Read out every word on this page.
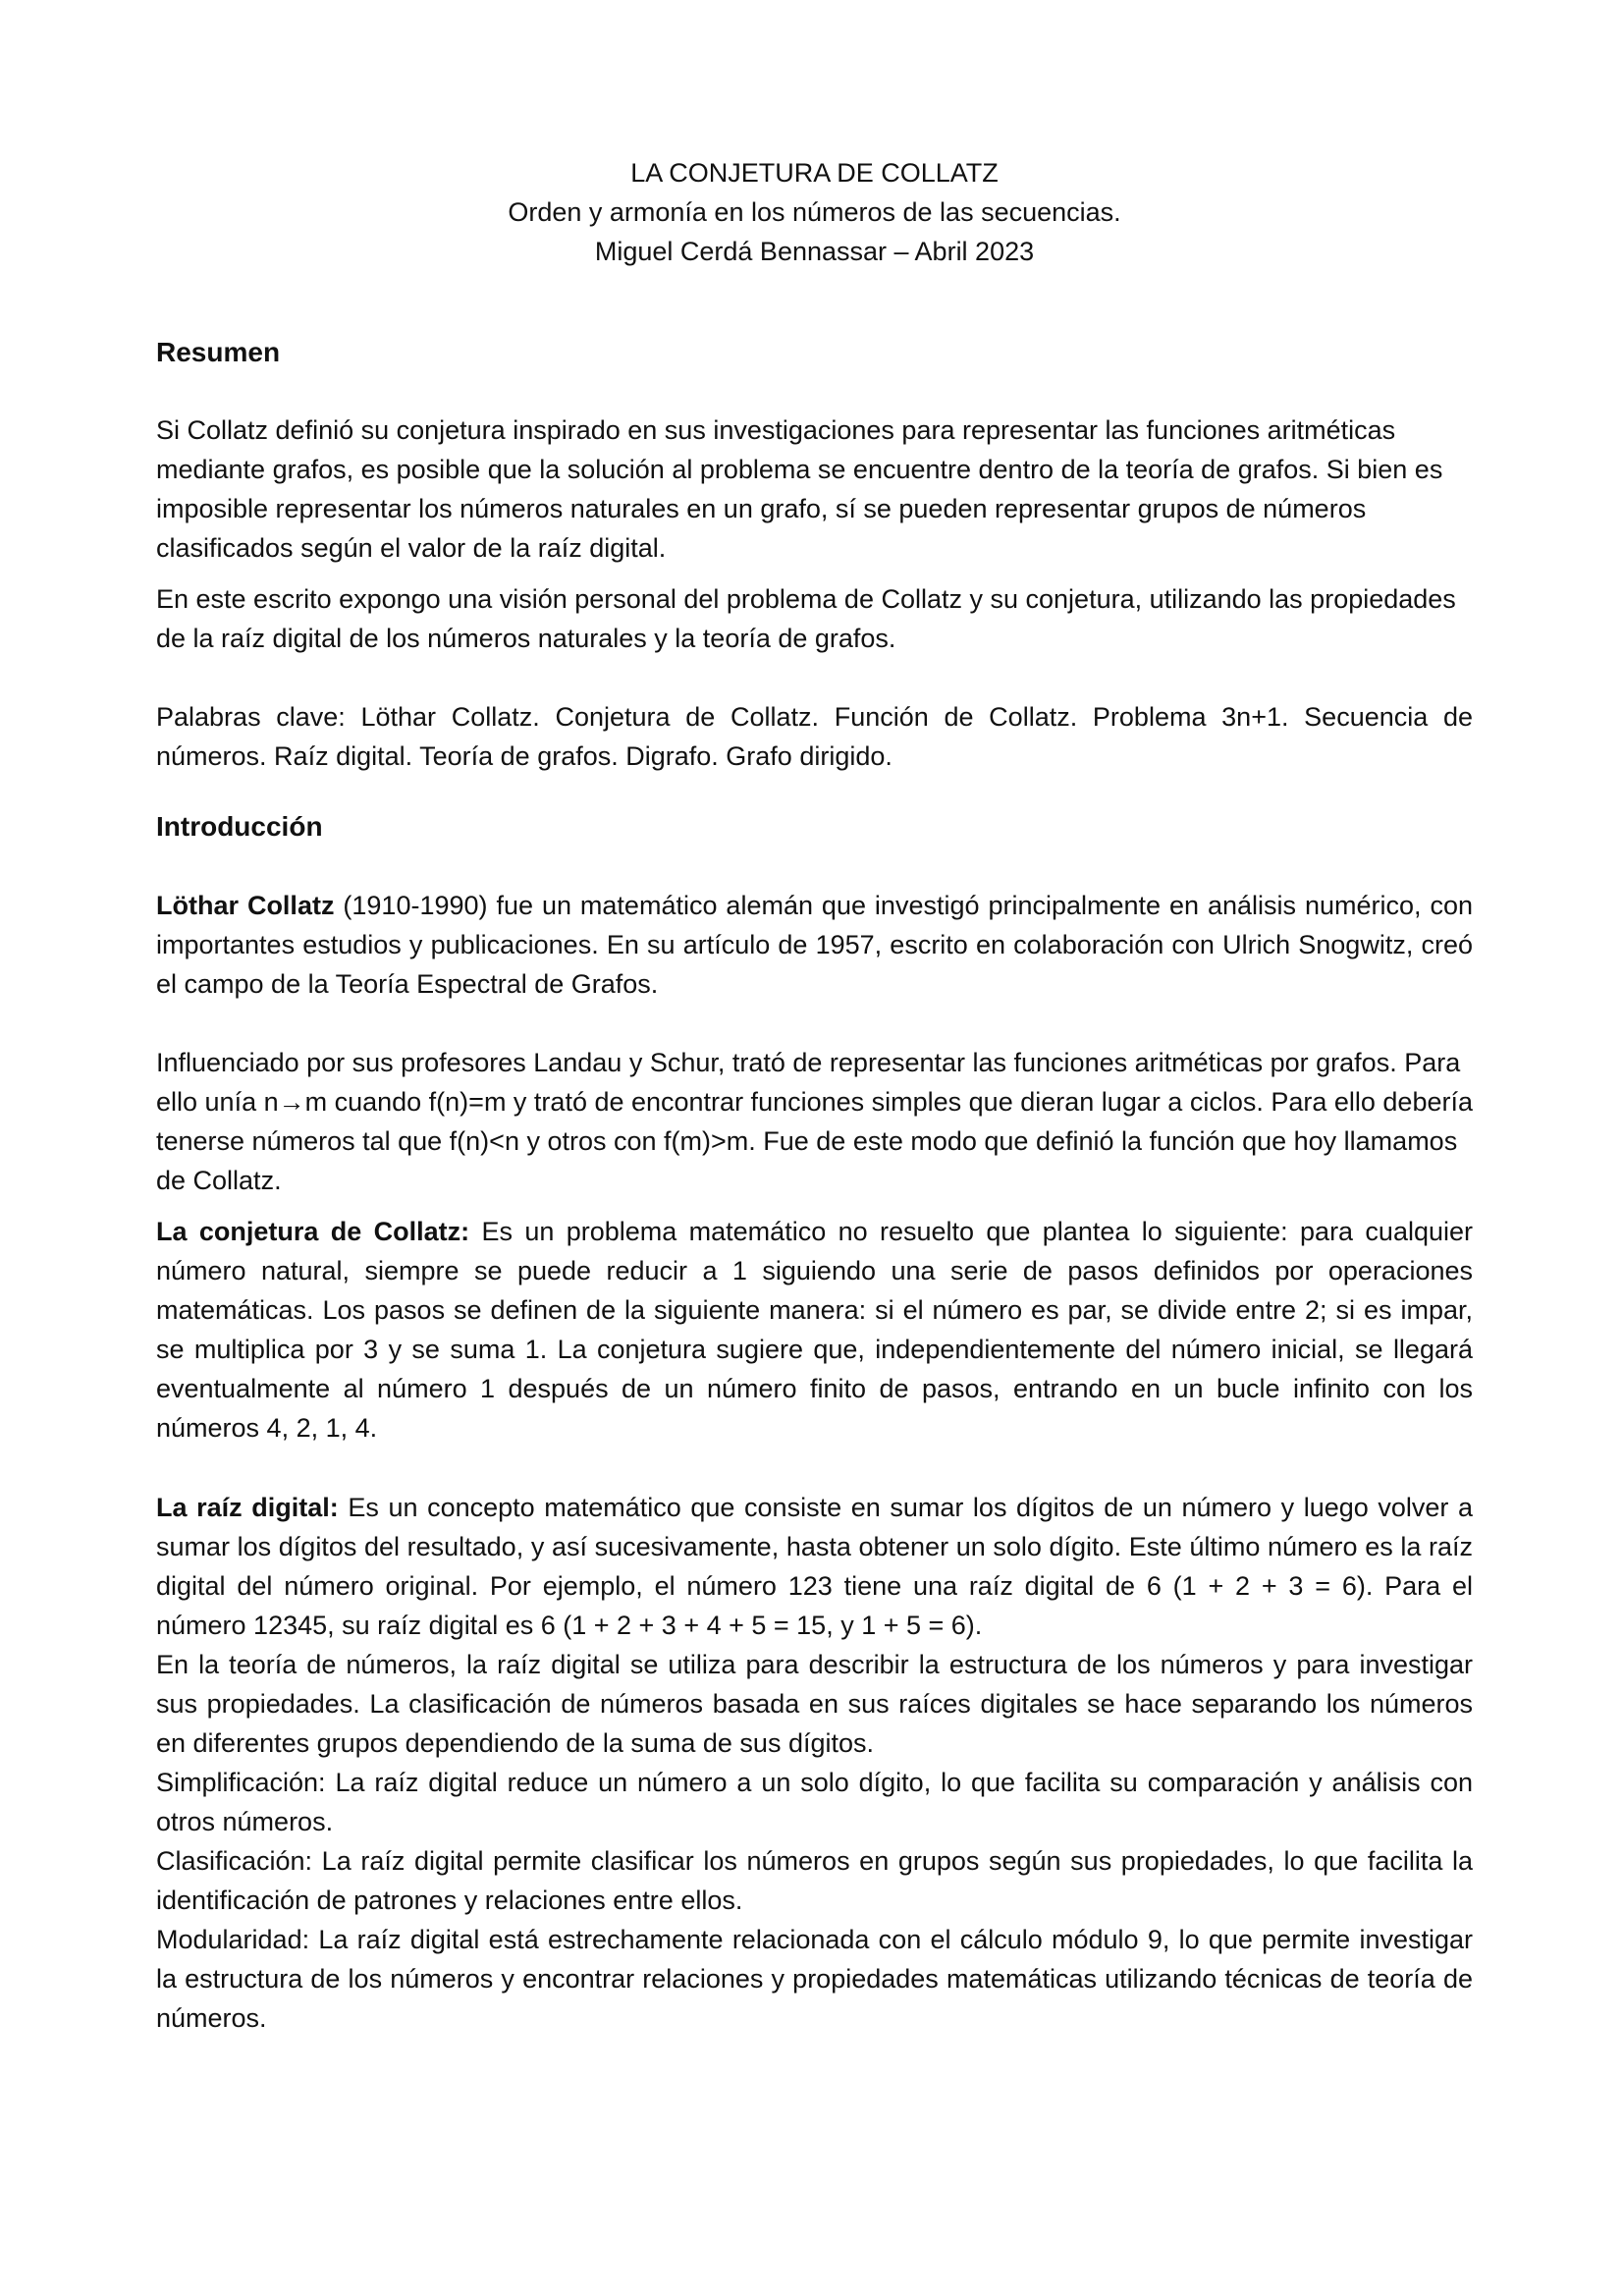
LA CONJETURA DE COLLATZ
Orden y armonía en los números de las secuencias.
Miguel Cerdá Bennassar – Abril 2023
Resumen

Si Collatz definió su conjetura inspirado en sus investigaciones para representar las funciones aritméticas mediante grafos, es posible que la solución al problema se encuentre dentro de la teoría de grafos. Si bien es imposible representar los números naturales en un grafo, sí se pueden representar grupos de números clasificados según el valor de la raíz digital.

En este escrito expongo una visión personal del problema de Collatz y su conjetura, utilizando las propiedades de la raíz digital de los números naturales y la teoría de grafos.

Palabras clave: Löthar Collatz. Conjetura de Collatz. Función de Collatz. Problema 3n+1. Secuencia de números. Raíz digital. Teoría de grafos. Digrafo. Grafo dirigido.

Introducción

Löthar Collatz (1910-1990) fue un matemático alemán que investigó principalmente en análisis numérico, con importantes estudios y publicaciones. En su artículo de 1957, escrito en colaboración con Ulrich Snogwitz, creó el campo de la Teoría Espectral de Grafos.

Influenciado por sus profesores Landau y Schur, trató de representar las funciones aritméticas por grafos. Para ello unía n→m cuando f(n)=m y trató de encontrar funciones simples que dieran lugar a ciclos. Para ello debería tenerse números tal que f(n)<n y otros con f(m)>m. Fue de este modo que definió la función que hoy llamamos de Collatz.

La conjetura de Collatz: Es un problema matemático no resuelto que plantea lo siguiente: para cualquier número natural, siempre se puede reducir a 1 siguiendo una serie de pasos definidos por operaciones matemáticas. Los pasos se definen de la siguiente manera: si el número es par, se divide entre 2; si es impar, se multiplica por 3 y se suma 1. La conjetura sugiere que, independientemente del número inicial, se llegará eventualmente al número 1 después de un número finito de pasos, entrando en un bucle infinito con los números 4, 2, 1, 4.

La raíz digital: Es un concepto matemático que consiste en sumar los dígitos de un número y luego volver a sumar los dígitos del resultado, y así sucesivamente, hasta obtener un solo dígito. Este último número es la raíz digital del número original. Por ejemplo, el número 123 tiene una raíz digital de 6 (1 + 2 + 3 = 6). Para el número 12345, su raíz digital es 6 (1 + 2 + 3 + 4 + 5 = 15, y 1 + 5 = 6).

En la teoría de números, la raíz digital se utiliza para describir la estructura de los números y para investigar sus propiedades. La clasificación de números basada en sus raíces digitales se hace separando los números en diferentes grupos dependiendo de la suma de sus dígitos.

Simplificación: La raíz digital reduce un número a un solo dígito, lo que facilita su comparación y análisis con otros números.

Clasificación: La raíz digital permite clasificar los números en grupos según sus propiedades, lo que facilita la identificación de patrones y relaciones entre ellos.

Modularidad: La raíz digital está estrechamente relacionada con el cálculo módulo 9, lo que permite investigar la estructura de los números y encontrar relaciones y propiedades matemáticas utilizando técnicas de teoría de números.
